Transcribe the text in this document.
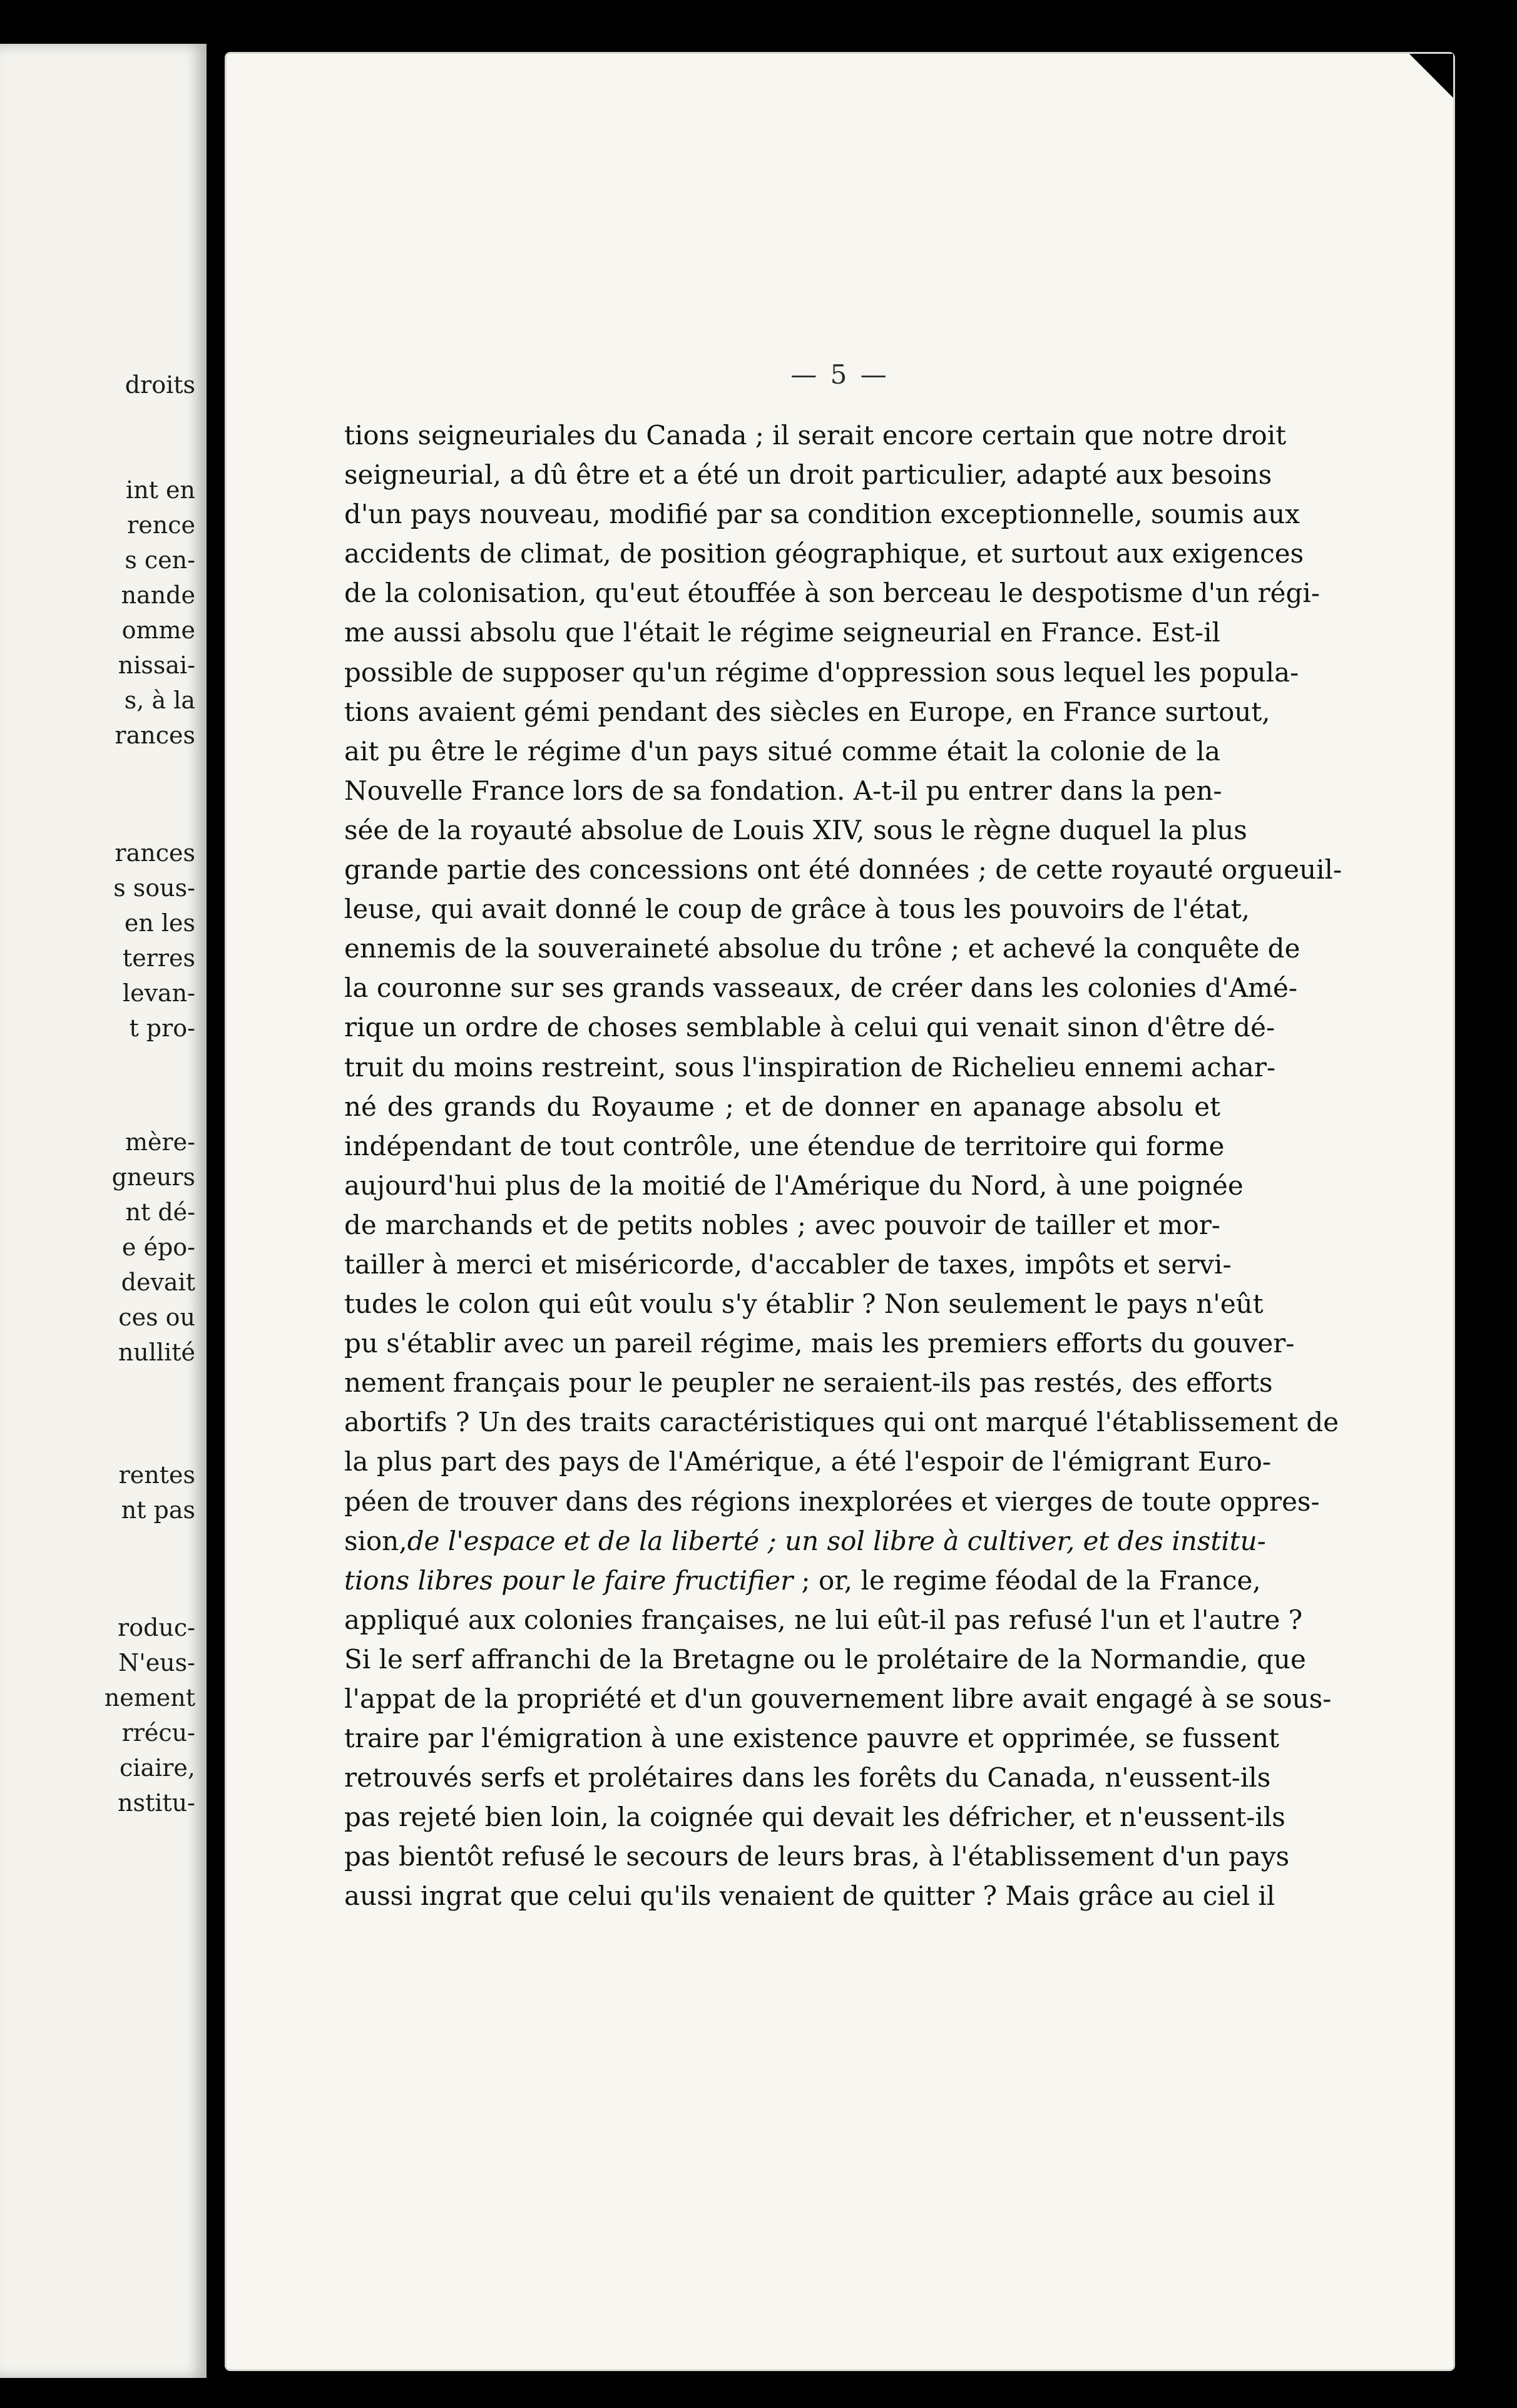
droits
int en
rence
s cen-
nande
omme
nissai-
s, à la
rances
rances
s sous-
en les
terres
levan-
t pro-
mère-
gneurs
nt dé-
e épo-
devait
ces ou
nullité
rentes
nt pas
roduc-
N'eus-
nement
rrécu-
ciaire,
nstitu-
— 5 —
tions seigneuriales du Canada ; il serait encore certain que notre droit
seigneurial, a dû être et a été un droit particulier, adapté aux besoins
d'un pays nouveau, modifié par sa condition exceptionnelle, soumis aux
accidents de climat, de position géographique, et surtout aux exigences
de la colonisation, qu'eut étouffée à son berceau le despotisme d'un régi-
me aussi absolu que l'était le régime seigneurial en France. Est-il
possible de supposer qu'un régime d'oppression sous lequel les popula-
tions avaient gémi pendant des siècles en Europe, en France surtout,
ait pu être le régime d'un pays situé comme était la colonie de la
Nouvelle France lors de sa fondation. A-t-il pu entrer dans la pen-
sée de la royauté absolue de Louis XIV, sous le règne duquel la plus
grande partie des concessions ont été données ; de cette royauté orgueuil-
leuse, qui avait donné le coup de grâce à tous les pouvoirs de l'état,
ennemis de la souveraineté absolue du trône ; et achevé la conquête de
la couronne sur ses grands vasseaux, de créer dans les colonies d'Amé-
rique un ordre de choses semblable à celui qui venait sinon d'être dé-
truit du moins restreint, sous l'inspiration de Richelieu ennemi achar-
né des grands du Royaume ; et de donner en apanage absolu et
indépendant de tout contrôle, une étendue de territoire qui forme
aujourd'hui plus de la moitié de l'Amérique du Nord, à une poignée
de marchands et de petits nobles ; avec pouvoir de tailler et mor-
tailler à merci et miséricorde, d'accabler de taxes, impôts et servi-
tudes le colon qui eût voulu s'y établir ? Non seulement le pays n'eût
pu s'établir avec un pareil régime, mais les premiers efforts du gouver-
nement français pour le peupler ne seraient-ils pas restés, des efforts
abortifs ? Un des traits caractéristiques qui ont marqué l'établissement de
la plus part des pays de l'Amérique, a été l'espoir de l'émigrant Euro-
péen de trouver dans des régions inexplorées et vierges de toute oppres-
sion,de l'espace et de la liberté ; un sol libre à cultiver, et des institu-
tions libres pour le faire fructifier ; or, le regime féodal de la France,
appliqué aux colonies françaises, ne lui eût-il pas refusé l'un et l'autre ?
Si le serf affranchi de la Bretagne ou le prolétaire de la Normandie, que
l'appat de la propriété et d'un gouvernement libre avait engagé à se sous-
traire par l'émigration à une existence pauvre et opprimée, se fussent
retrouvés serfs et prolétaires dans les forêts du Canada, n'eussent-ils
pas rejeté bien loin, la coignée qui devait les défricher, et n'eussent-ils
pas bientôt refusé le secours de leurs bras, à l'établissement d'un pays
aussi ingrat que celui qu'ils venaient de quitter ? Mais grâce au ciel il
